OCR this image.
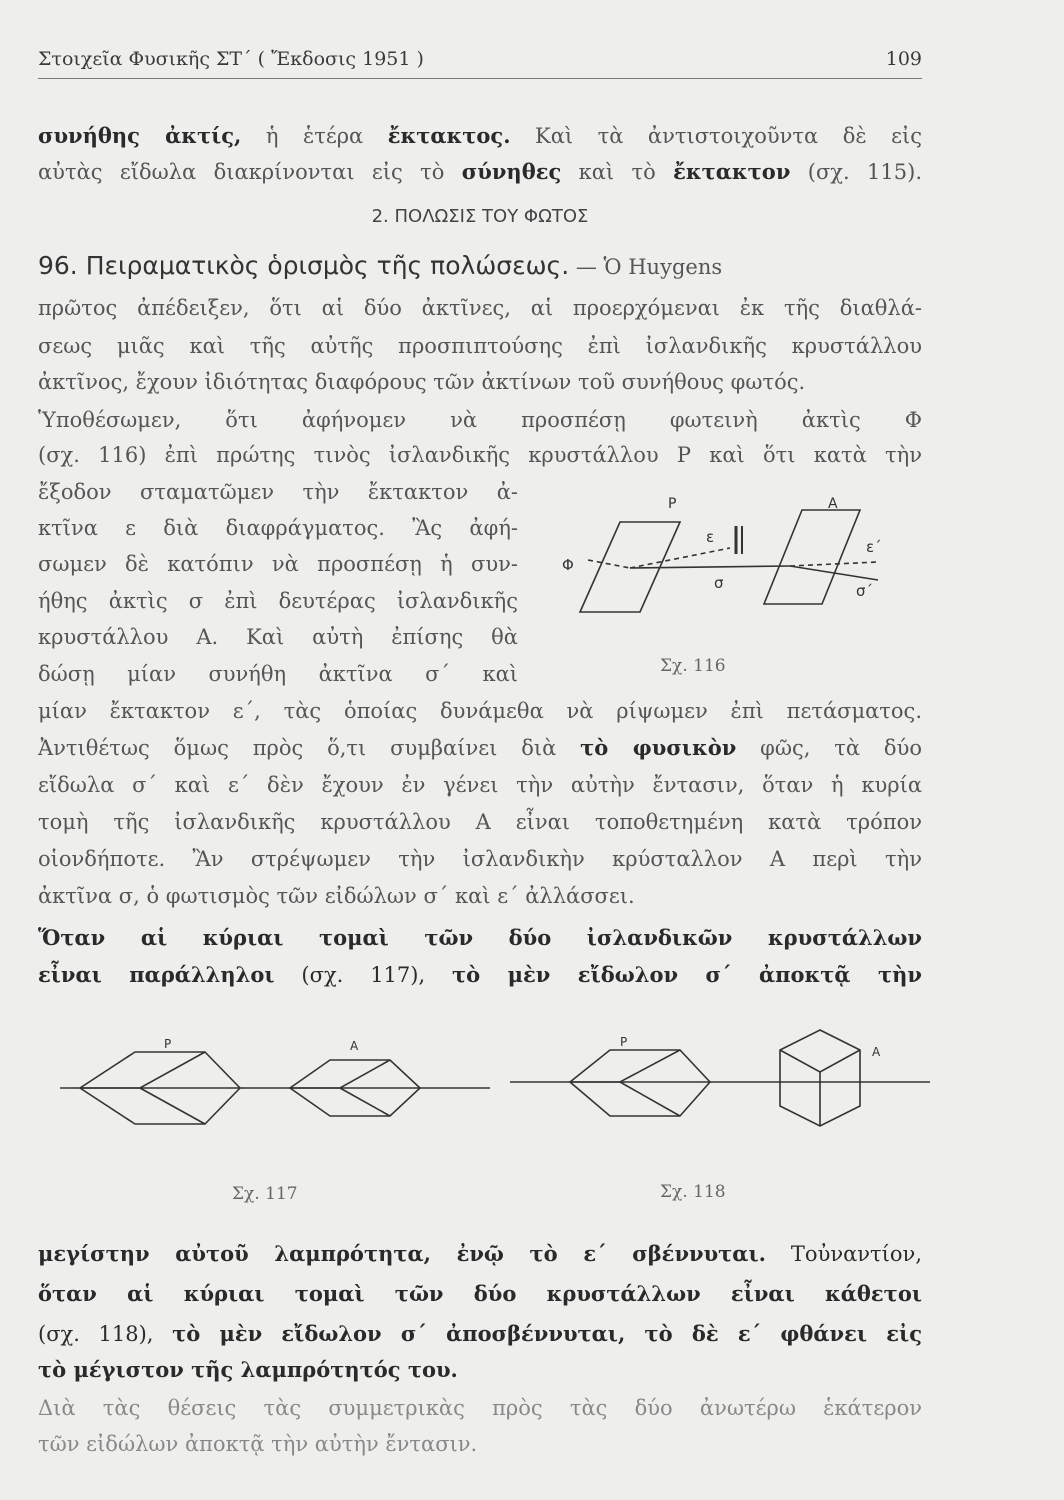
Στοιχεῖα Φυσικῆς ΣΤ΄ ( Ἔκδοσις 1951 )	109
συνήθης ἀκτίς, ἡ ἑτέρα ἔκτακτος. Καὶ τὰ ἀντιστοιχοῦντα δὲ εἰς
αὐτὰς εἴδωλα διακρίνονται εἰς τὸ σύνηθες καὶ τὸ ἔκτακτον (σχ. 115).
2. ΠΟΛΩΣΙΣ ΤΟΥ ΦΩΤΟΣ
96. Πειραματικὸς ὁρισμὸς τῆς πολώσεως. — Ὁ Huygens
πρῶτος ἀπέδειξεν, ὅτι αἱ δύο ἀκτῖνες, αἱ προερχόμεναι ἐκ τῆς διαθλά-
σεως μιᾶς καὶ τῆς αὐτῆς προσπιπτούσης ἐπὶ ἰσλανδικῆς κρυστάλλου
ἀκτῖνος, ἔχουν ἰδιότητας διαφόρους τῶν ἀκτίνων τοῦ συνήθους φωτός.
Ὑποθέσωμεν, ὅτι ἀφήνομεν νὰ προσπέσῃ φωτεινὴ ἀκτὶς Φ
(σχ. 116) ἐπὶ πρώτης τινὸς ἰσλανδικῆς κρυστάλλου Ρ καὶ ὅτι κατὰ τὴν
ἔξοδον σταματῶμεν τὴν ἔκτακτον ἀ-
κτῖνα ε διὰ διαφράγματος. Ἂς ἀφή-
σωμεν δὲ κατόπιν νὰ προσπέσῃ ἡ συν-
ήθης ἀκτὶς σ ἐπὶ δευτέρας ἰσλανδικῆς
κρυστάλλου Α. Καὶ αὐτὴ ἐπίσης θὰ
δώσῃ μίαν συνήθη ἀκτῖνα σ΄ καὶ
μίαν ἔκτακτον ε΄, τὰς ὁποίας δυνάμεθα νὰ ρίψωμεν ἐπὶ πετάσματος.
Ἀντιθέτως ὅμως πρὸς ὅ,τι συμβαίνει διὰ τὸ φυσικὸν φῶς, τὰ δύο
εἴδωλα σ΄ καὶ ε΄ δὲν ἔχουν ἐν γένει τὴν αὐτὴν ἔντασιν, ὅταν ἡ κυρία
τομὴ τῆς ἰσλανδικῆς κρυστάλλου Α εἶναι τοποθετημένη κατὰ τρόπον
οἱονδήποτε. Ἂν στρέψωμεν τὴν ἰσλανδικὴν κρύσταλλον Α περὶ τὴν
ἀκτῖνα σ, ὁ φωτισμὸς τῶν εἰδώλων σ΄ καὶ ε΄ ἀλλάσσει.
Ὅταν αἱ κύριαι τομαὶ τῶν δύο ἰσλανδικῶν κρυστάλλων
εἶναι παράλληλοι (σχ. 117), τὸ μὲν εἴδωλον σ΄ ἀποκτᾷ τὴν
Ρ	Α
Φ
ε
σ
ε΄
σ΄
Σχ. 116
Ρ	Α
Σχ. 117
Ρ
Α
Σχ. 118
μεγίστην αὐτοῦ λαμπρότητα, ἐνῷ τὸ ε΄ σβέννυται. Τοὐναντίον,
ὅταν αἱ κύριαι τομαὶ τῶν δύο κρυστάλλων εἶναι κάθετοι
(σχ. 118), τὸ μὲν εἴδωλον σ΄ ἀποσβέννυται, τὸ δὲ ε΄ φθάνει εἰς
τὸ μέγιστον τῆς λαμπρότητός του.
Διὰ τὰς θέσεις τὰς συμμετρικὰς πρὸς τὰς δύο ἀνωτέρω ἑκάτερον
τῶν εἰδώλων ἀποκτᾷ τὴν αὐτὴν ἔντασιν.
